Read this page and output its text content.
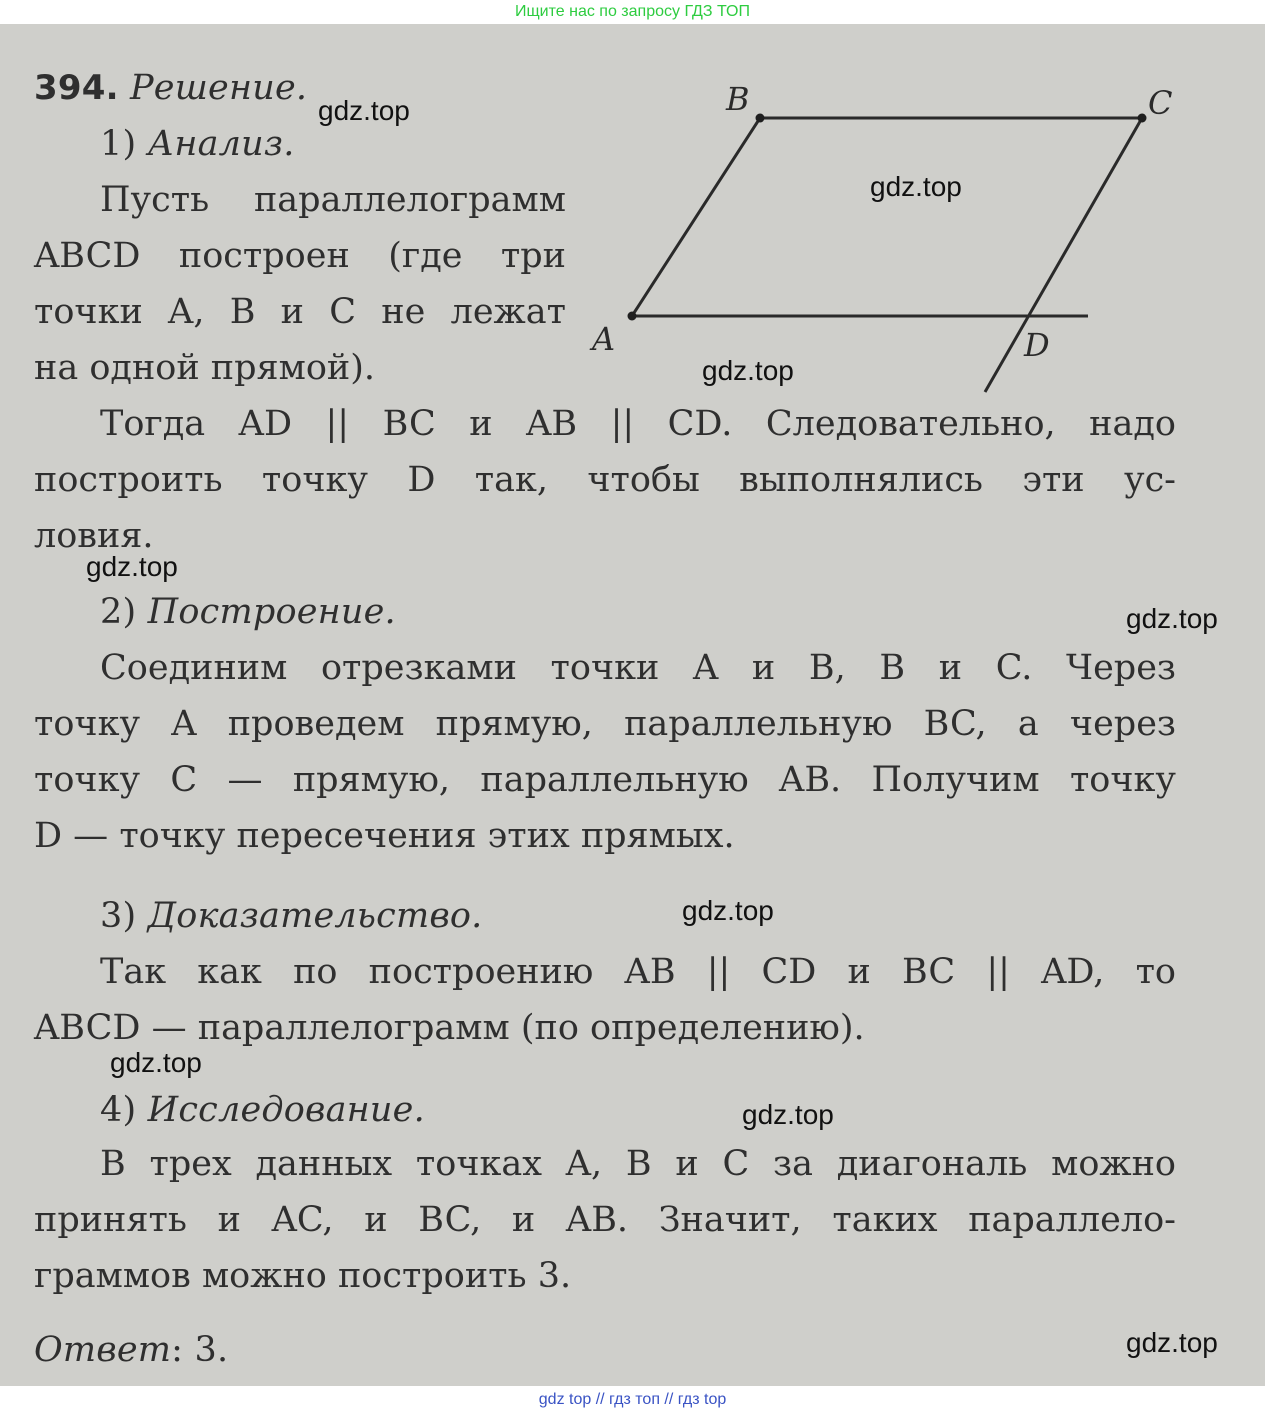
Ищите нас по запросу ГДЗ ТОП
394. Решение.
1) Анализ.
Пусть параллелограмм
ABCD построен (где три
точки A, B и C не лежат
на одной прямой).
Тогда AD || BC и AB || CD. Следовательно, надо
построить точку D так, чтобы выполнялись эти ус-
ловия.
2) Построение.
Соединим отрезками точки A и B, B и C. Через
точку A проведем прямую, параллельную BC, а через
точку C — прямую, параллельную AB. Получим точку
D — точку пересечения этих прямых.
3) Доказательство.
Так как по построению AB || CD и BC || AD, то
ABCD — параллелограмм (по определению).
4) Исследование.
В трех данных точках A, B и C за диагональ можно
принять и AC, и BC, и AB. Значит, таких параллело-
граммов можно построить 3.
Ответ: 3.
B	C
A	D
gdz.top
gdz.top
gdz.top
gdz.top
gdz.top
gdz.top
gdz.top
gdz.top
gdz.top
gdz top // гдз топ // гдз top
